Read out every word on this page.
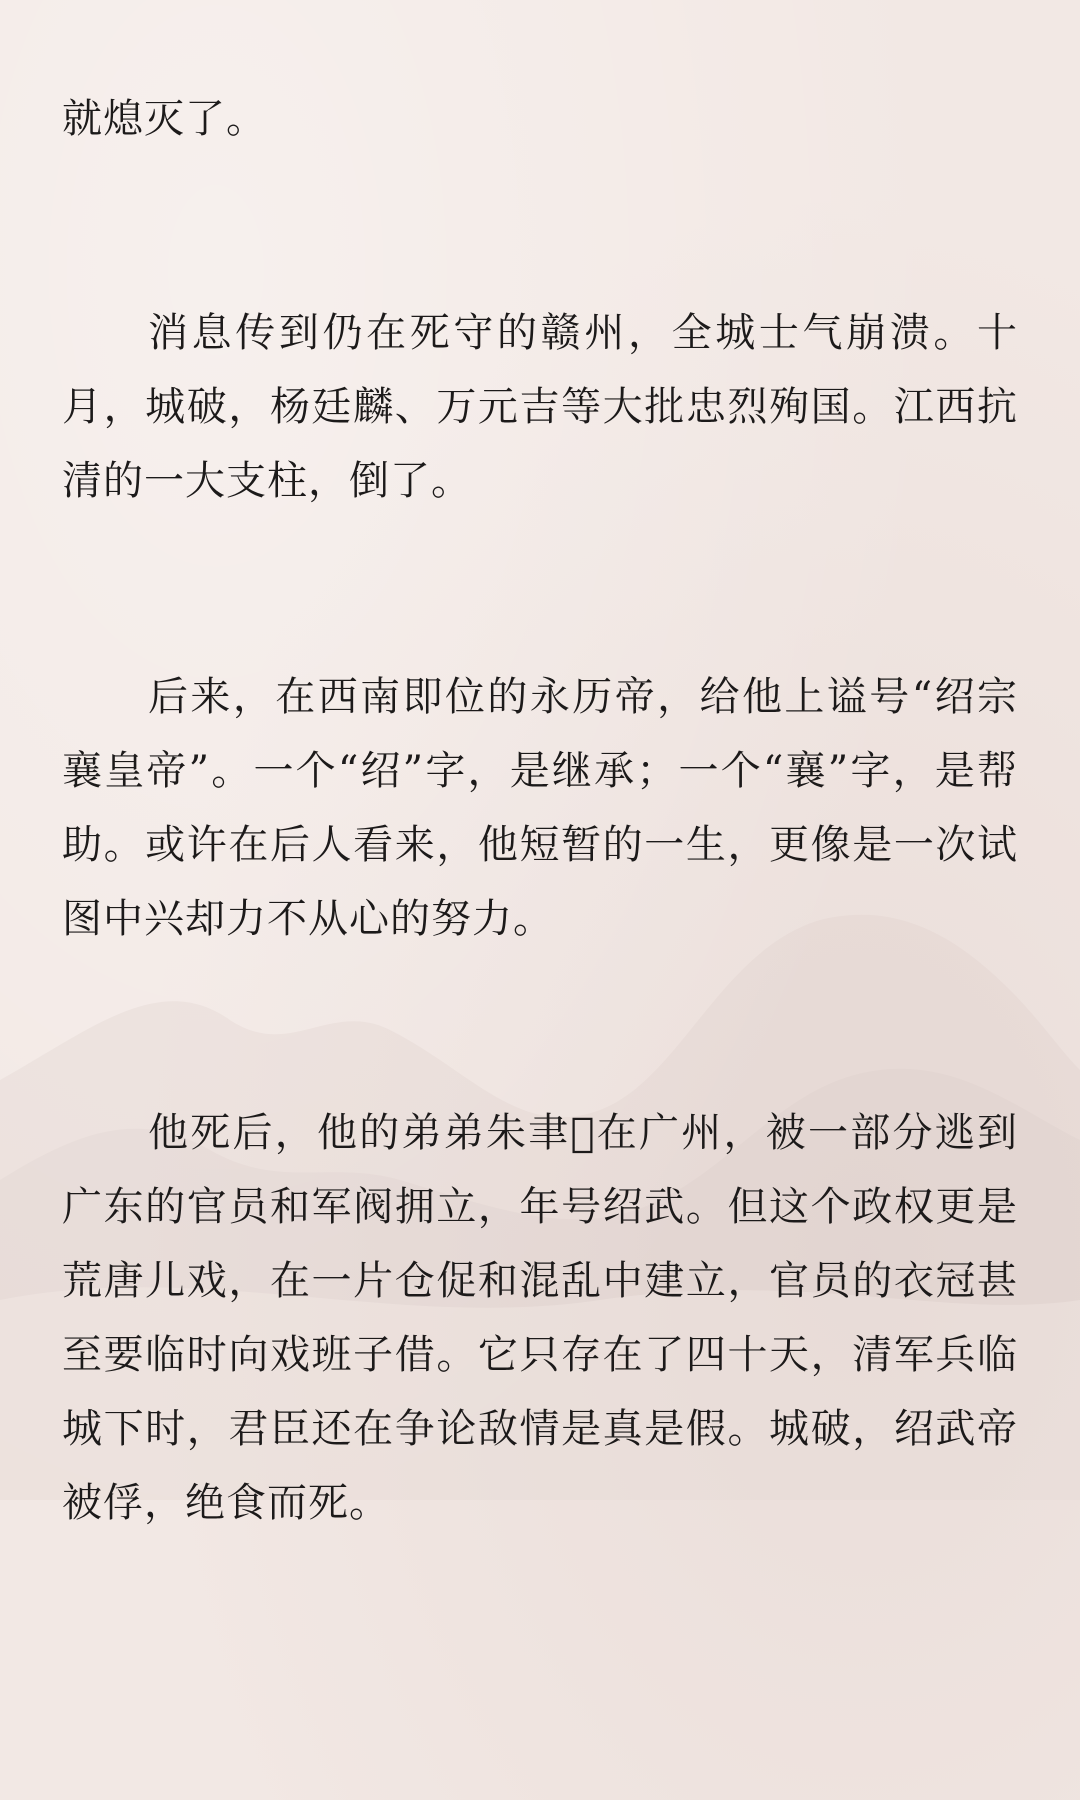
就熄灭了。

消息传到仍在死守的赣州，全城士气崩溃。十月，城破，杨廷麟、万元吉等大批忠烈殉国。江西抗清的一大支柱，倒了。

后来，在西南即位的永历帝，给他上谥号“绍宗襄皇帝”。一个“绍”字，是继承；一个“襄”字，是帮助。或许在后人看来，他短暂的一生，更像是一次试图中兴却力不从心的努力。

他死后，他的弟弟朱聿𨮁在广州，被一部分逃到广东的官员和军阀拥立，年号绍武。但这个政权更是荒唐儿戏，在一片仓促和混乱中建立，官员的衣冠甚至要临时向戏班子借。它只存在了四十天，清军兵临城下时，君臣还在争论敌情是真是假。城破，绍武帝被俘，绝食而死。
